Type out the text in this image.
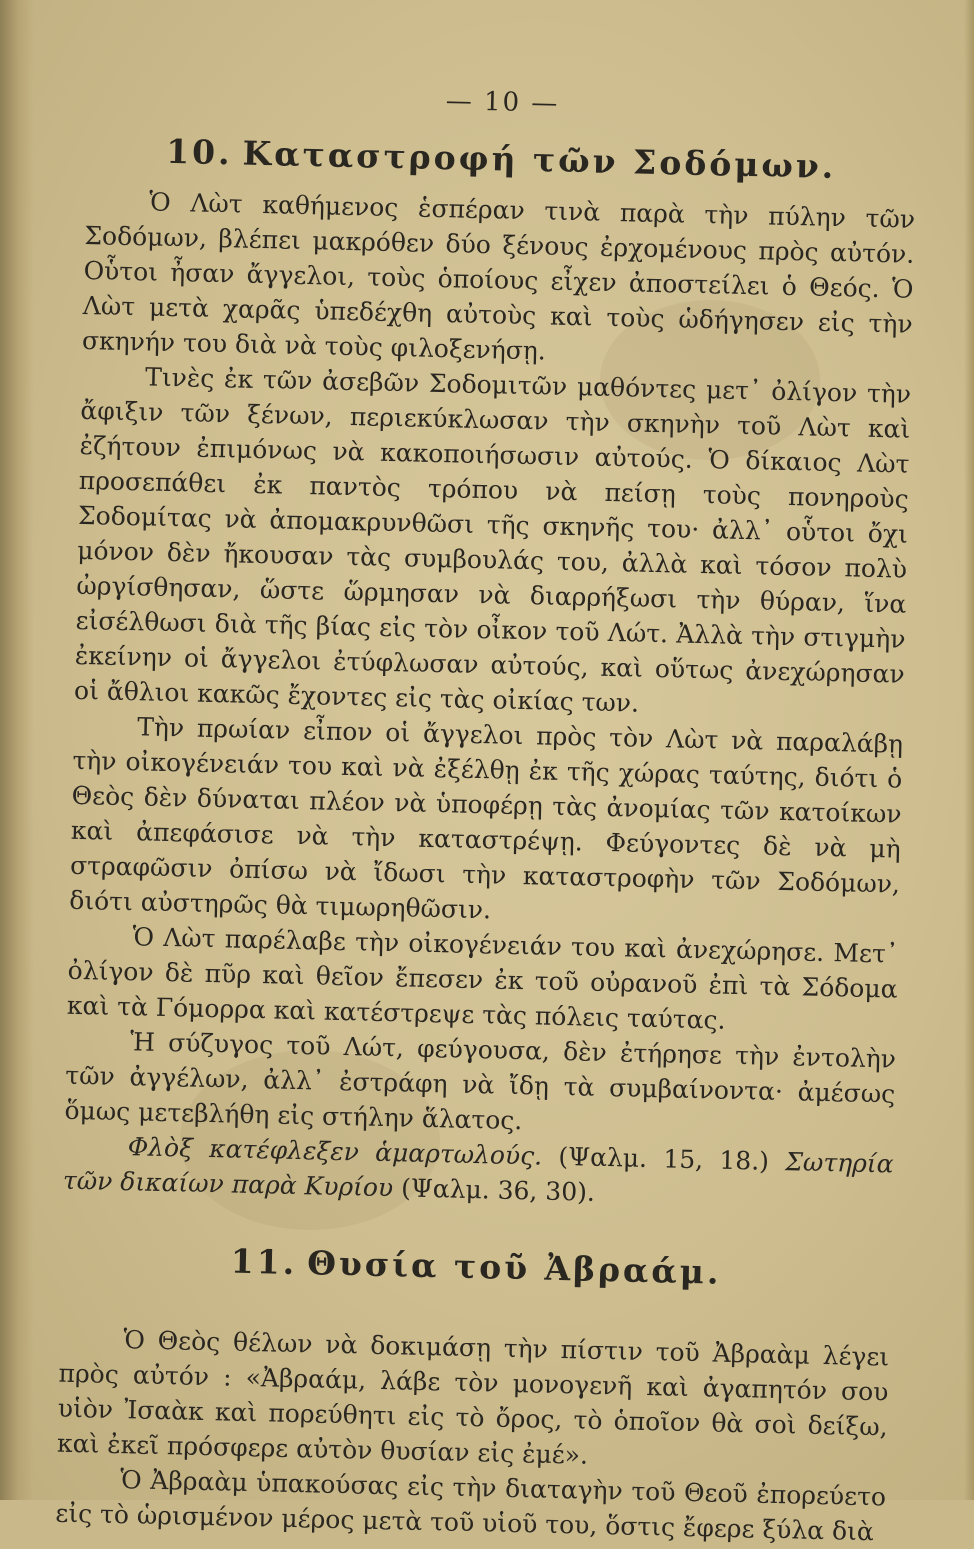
— 10 —
10. Καταστροφή τῶν Σοδόμων.

Ὁ Λὼτ καθήμενος ἑσπέραν τινὰ παρὰ τὴν πύλην τῶν Σοδόμων, βλέπει μακρόθεν δύο ξένους ἐρχομένους πρὸς αὐτόν. Οὗτοι ἦσαν ἄγγελοι, τοὺς ὁποίους εἶχεν ἀποστείλει ὁ Θεός. Ὁ Λὼτ μετὰ χαρᾶς ὑπεδέχθη αὐτοὺς καὶ τοὺς ὡδήγησεν εἰς τὴν σκηνήν του διὰ νὰ τοὺς φιλοξενήσῃ.

Τινὲς ἐκ τῶν ἀσεβῶν Σοδομιτῶν μαθόντες μετ᾽ ὀλίγον τὴν ἄφιξιν τῶν ξένων, περιεκύκλωσαν τὴν σκηνὴν τοῦ Λὼτ καὶ ἐζήτουν ἐπιμόνως νὰ κακοποιήσωσιν αὐτούς. Ὁ δίκαιος Λὼτ προσεπάθει ἐκ παντὸς τρόπου νὰ πείσῃ τοὺς πονηροὺς Σοδομίτας νὰ ἀπομακρυνθῶσι τῆς σκηνῆς του· ἀλλ᾽ οὗτοι ὄχι μόνον δὲν ἤκουσαν τὰς συμβουλάς του, ἀλλὰ καὶ τόσον πολὺ ὠργίσθησαν, ὥστε ὥρμησαν νὰ διαρρήξωσι τὴν θύραν, ἵνα εἰσέλθωσι διὰ τῆς βίας εἰς τὸν οἶκον τοῦ Λώτ. Ἀλλὰ τὴν στιγμὴν ἐκείνην οἱ ἄγγελοι ἐτύφλωσαν αὐτούς, καὶ οὕτως ἀνεχώρησαν οἱ ἄθλιοι κακῶς ἔχοντες εἰς τὰς οἰκίας των.

Τὴν πρωίαν εἶπον οἱ ἄγγελοι πρὸς τὸν Λὼτ νὰ παραλάβῃ τὴν οἰκογένειάν του καὶ νὰ ἐξέλθῃ ἐκ τῆς χώρας ταύτης, διότι ὁ Θεὸς δὲν δύναται πλέον νὰ ὑποφέρῃ τὰς ἀνομίας τῶν κατοίκων καὶ ἀπεφάσισε νὰ τὴν καταστρέψῃ. Φεύγοντες δὲ νὰ μὴ στραφῶσιν ὀπίσω νὰ ἴδωσι τὴν καταστροφὴν τῶν Σοδόμων, διότι αὐστηρῶς θὰ τιμωρηθῶσιν.

Ὁ Λὼτ παρέλαβε τὴν οἰκογένειάν του καὶ ἀνεχώρησε. Μετ᾽ ὀλίγον δὲ πῦρ καὶ θεῖον ἔπεσεν ἐκ τοῦ οὐρανοῦ ἐπὶ τὰ Σόδομα καὶ τὰ Γόμορρα καὶ κατέστρεψε τὰς πόλεις ταύτας.

Ἡ σύζυγος τοῦ Λώτ, φεύγουσα, δὲν ἐτήρησε τὴν ἐντολὴν τῶν ἀγγέλων, ἀλλ᾽ ἐστράφη νὰ ἴδῃ τὰ συμβαίνοντα· ἀμέσως ὅμως μετεβλήθη εἰς στήλην ἅλατος.

Φλὸξ κατέφλεξεν ἁμαρτωλούς. (Ψαλμ. 15, 18.) Σωτηρία τῶν δικαίων παρὰ Κυρίου (Ψαλμ. 36, 30).

11. Θυσία τοῦ Ἀβραάμ.

Ὁ Θεὸς θέλων νὰ δοκιμάσῃ τὴν πίστιν τοῦ Ἀβραὰμ λέγει πρὸς αὐτόν : «Ἀβραάμ, λάβε τὸν μονογενῆ καὶ ἀγαπητόν σου υἱὸν Ἰσαὰκ καὶ πορεύθητι εἰς τὸ ὄρος, τὸ ὁποῖον θὰ σοὶ δείξω, καὶ ἐκεῖ πρόσφερε αὐτὸν θυσίαν εἰς ἐμέ».

Ὁ Ἀβραὰμ ὑπακούσας εἰς τὴν διαταγὴν τοῦ Θεοῦ ἐπορεύετο εἰς τὸ ὡρισμένον μέρος μετὰ τοῦ υἱοῦ του, ὅστις ἔφερε ξύλα διὰ
